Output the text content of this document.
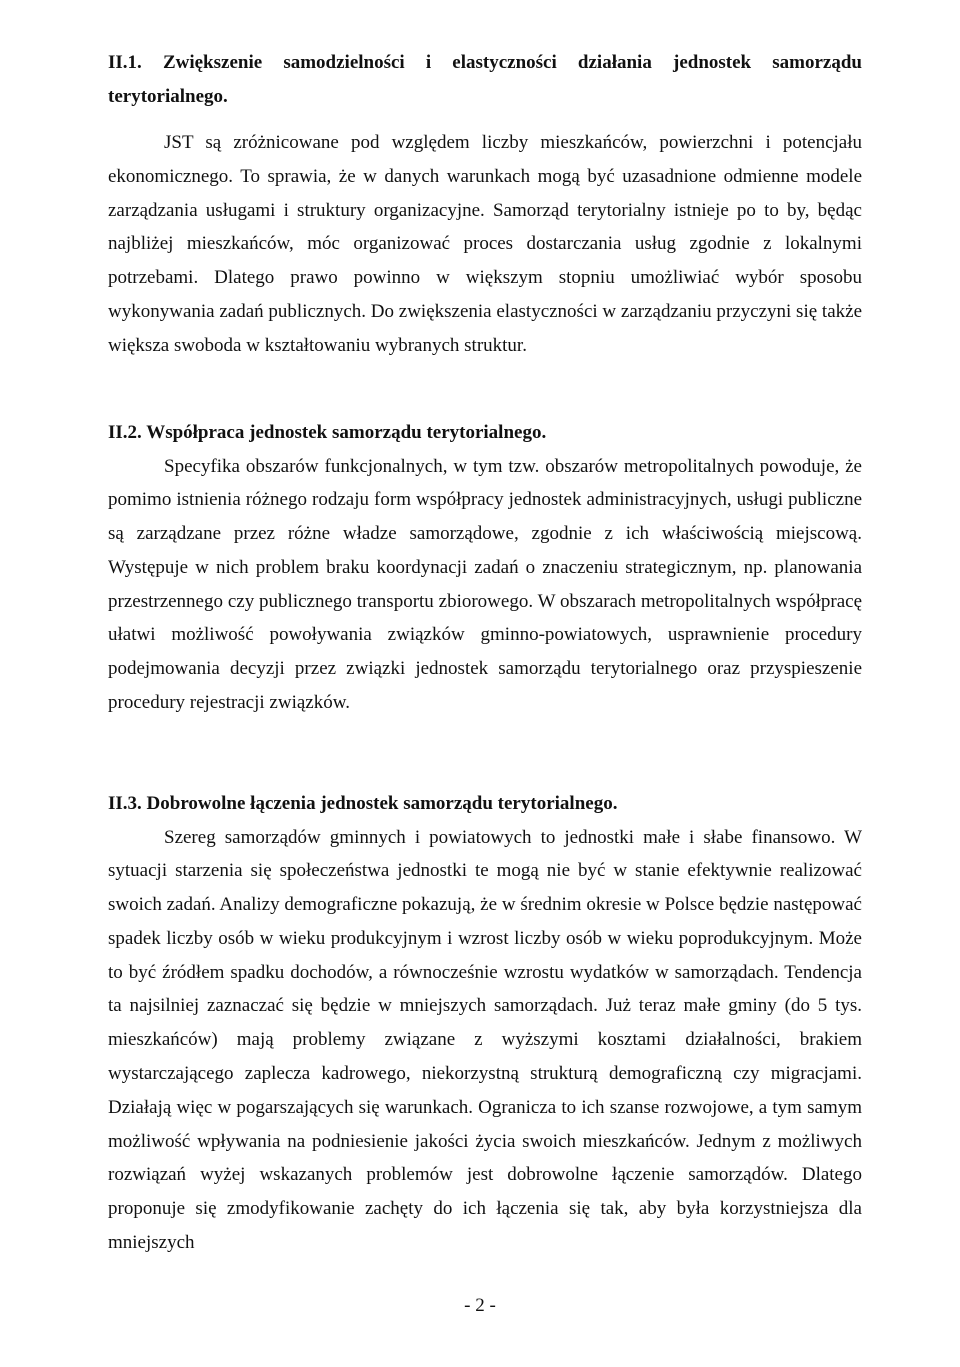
II.1. Zwiększenie samodzielności i elastyczności działania jednostek samorządu terytorialnego.

JST są zróżnicowane pod względem liczby mieszkańców, powierzchni i potencjału ekonomicznego. To sprawia, że w danych warunkach mogą być uzasadnione odmienne modele zarządzania usługami i struktury organizacyjne. Samorząd terytorialny istnieje po to by, będąc najbliżej mieszkańców, móc organizować proces dostarczania usług zgodnie z lokalnymi potrzebami. Dlatego prawo powinno w większym stopniu umożliwiać wybór sposobu wykonywania zadań publicznych. Do zwiększenia elastyczności w zarządzaniu przyczyni się także większa swoboda w kształtowaniu wybranych struktur.

II.2. Współpraca jednostek samorządu terytorialnego.

Specyfika obszarów funkcjonalnych, w tym tzw. obszarów metropolitalnych powoduje, że pomimo istnienia różnego rodzaju form współpracy jednostek administracyjnych, usługi publiczne są zarządzane przez różne władze samorządowe, zgodnie z ich właściwością miejscową. Występuje w nich problem braku koordynacji zadań o znaczeniu strategicznym, np. planowania przestrzennego czy publicznego transportu zbiorowego. W obszarach metropolitalnych współpracę ułatwi możliwość powoływania związków gminno-powiatowych, usprawnienie procedury podejmowania decyzji przez związki jednostek samorządu terytorialnego oraz przyspieszenie procedury rejestracji związków.

II.3. Dobrowolne łączenia jednostek samorządu terytorialnego.

Szereg samorządów gminnych i powiatowych to jednostki małe i słabe finansowo. W sytuacji starzenia się społeczeństwa jednostki te mogą nie być w stanie efektywnie realizować swoich zadań. Analizy demograficzne pokazują, że w średnim okresie w Polsce będzie następować spadek liczby osób w wieku produkcyjnym i wzrost liczby osób w wieku poprodukcyjnym. Może to być źródłem spadku dochodów, a równocześnie wzrostu wydatków w samorządach. Tendencja ta najsilniej zaznaczać się będzie w mniejszych samorządach. Już teraz małe gminy (do 5 tys. mieszkańców) mają problemy związane z wyższymi kosztami działalności, brakiem wystarczającego zaplecza kadrowego, niekorzystną strukturą demograficzną czy migracjami. Działają więc w pogarszających się warunkach. Ogranicza to ich szanse rozwojowe, a tym samym możliwość wpływania na podniesienie jakości życia swoich mieszkańców. Jednym z możliwych rozwiązań wyżej wskazanych problemów jest dobrowolne łączenie samorządów. Dlatego proponuje się zmodyfikowanie zachęty do ich łączenia się tak, aby była korzystniejsza dla mniejszych

- 2 -
